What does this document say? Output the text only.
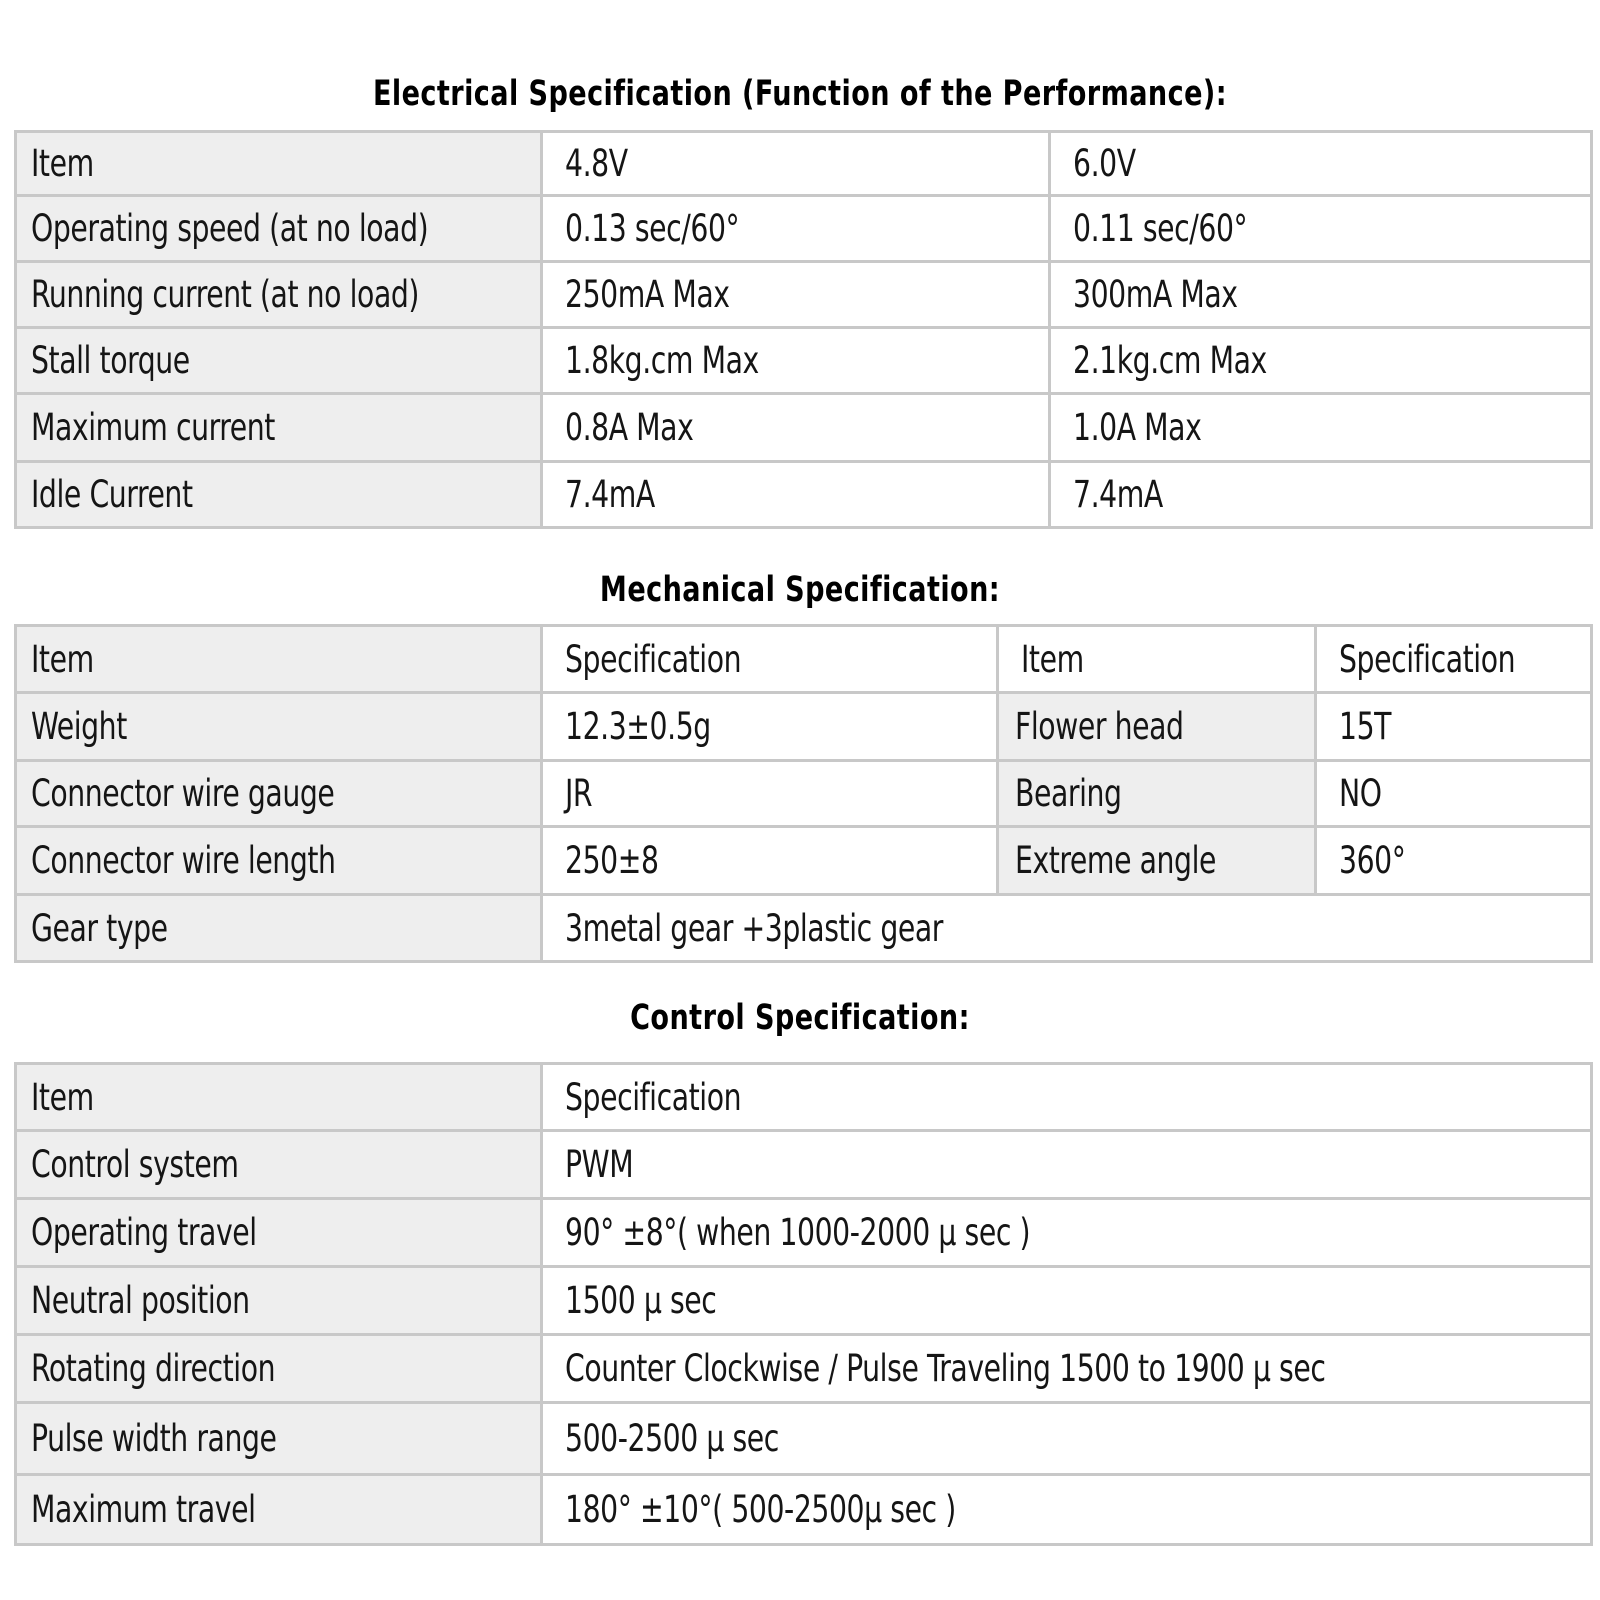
Electrical Specification (Function of the Performance):
Item	4.8V	6.0V
Operating speed (at no load)	0.13 sec/60°	0.11 sec/60°
Running current (at no load)	250mA Max	300mA Max
Stall torque	1.8kg.cm Max	2.1kg.cm Max
Maximum current	0.8A Max	1.0A Max
Idle Current	7.4mA	7.4mA
Mechanical Specification:
Item	Specification	Item	Specification
Weight	12.3±0.5g	Flower head	15T
Connector wire gauge	JR	Bearing	NO
Connector wire length	250±8	Extreme angle	360°
Gear type	3metal gear +3plastic gear		
Control Specification:
Item	Specification
Control system	PWM
Operating travel	90° ±8°( when 1000-2000 μ sec )
Neutral position	1500 μ sec
Rotating direction	Counter Clockwise / Pulse Traveling 1500 to 1900 μ sec
Pulse width range	500-2500 μ sec
Maximum travel	180° ±10°( 500-2500μ sec )
